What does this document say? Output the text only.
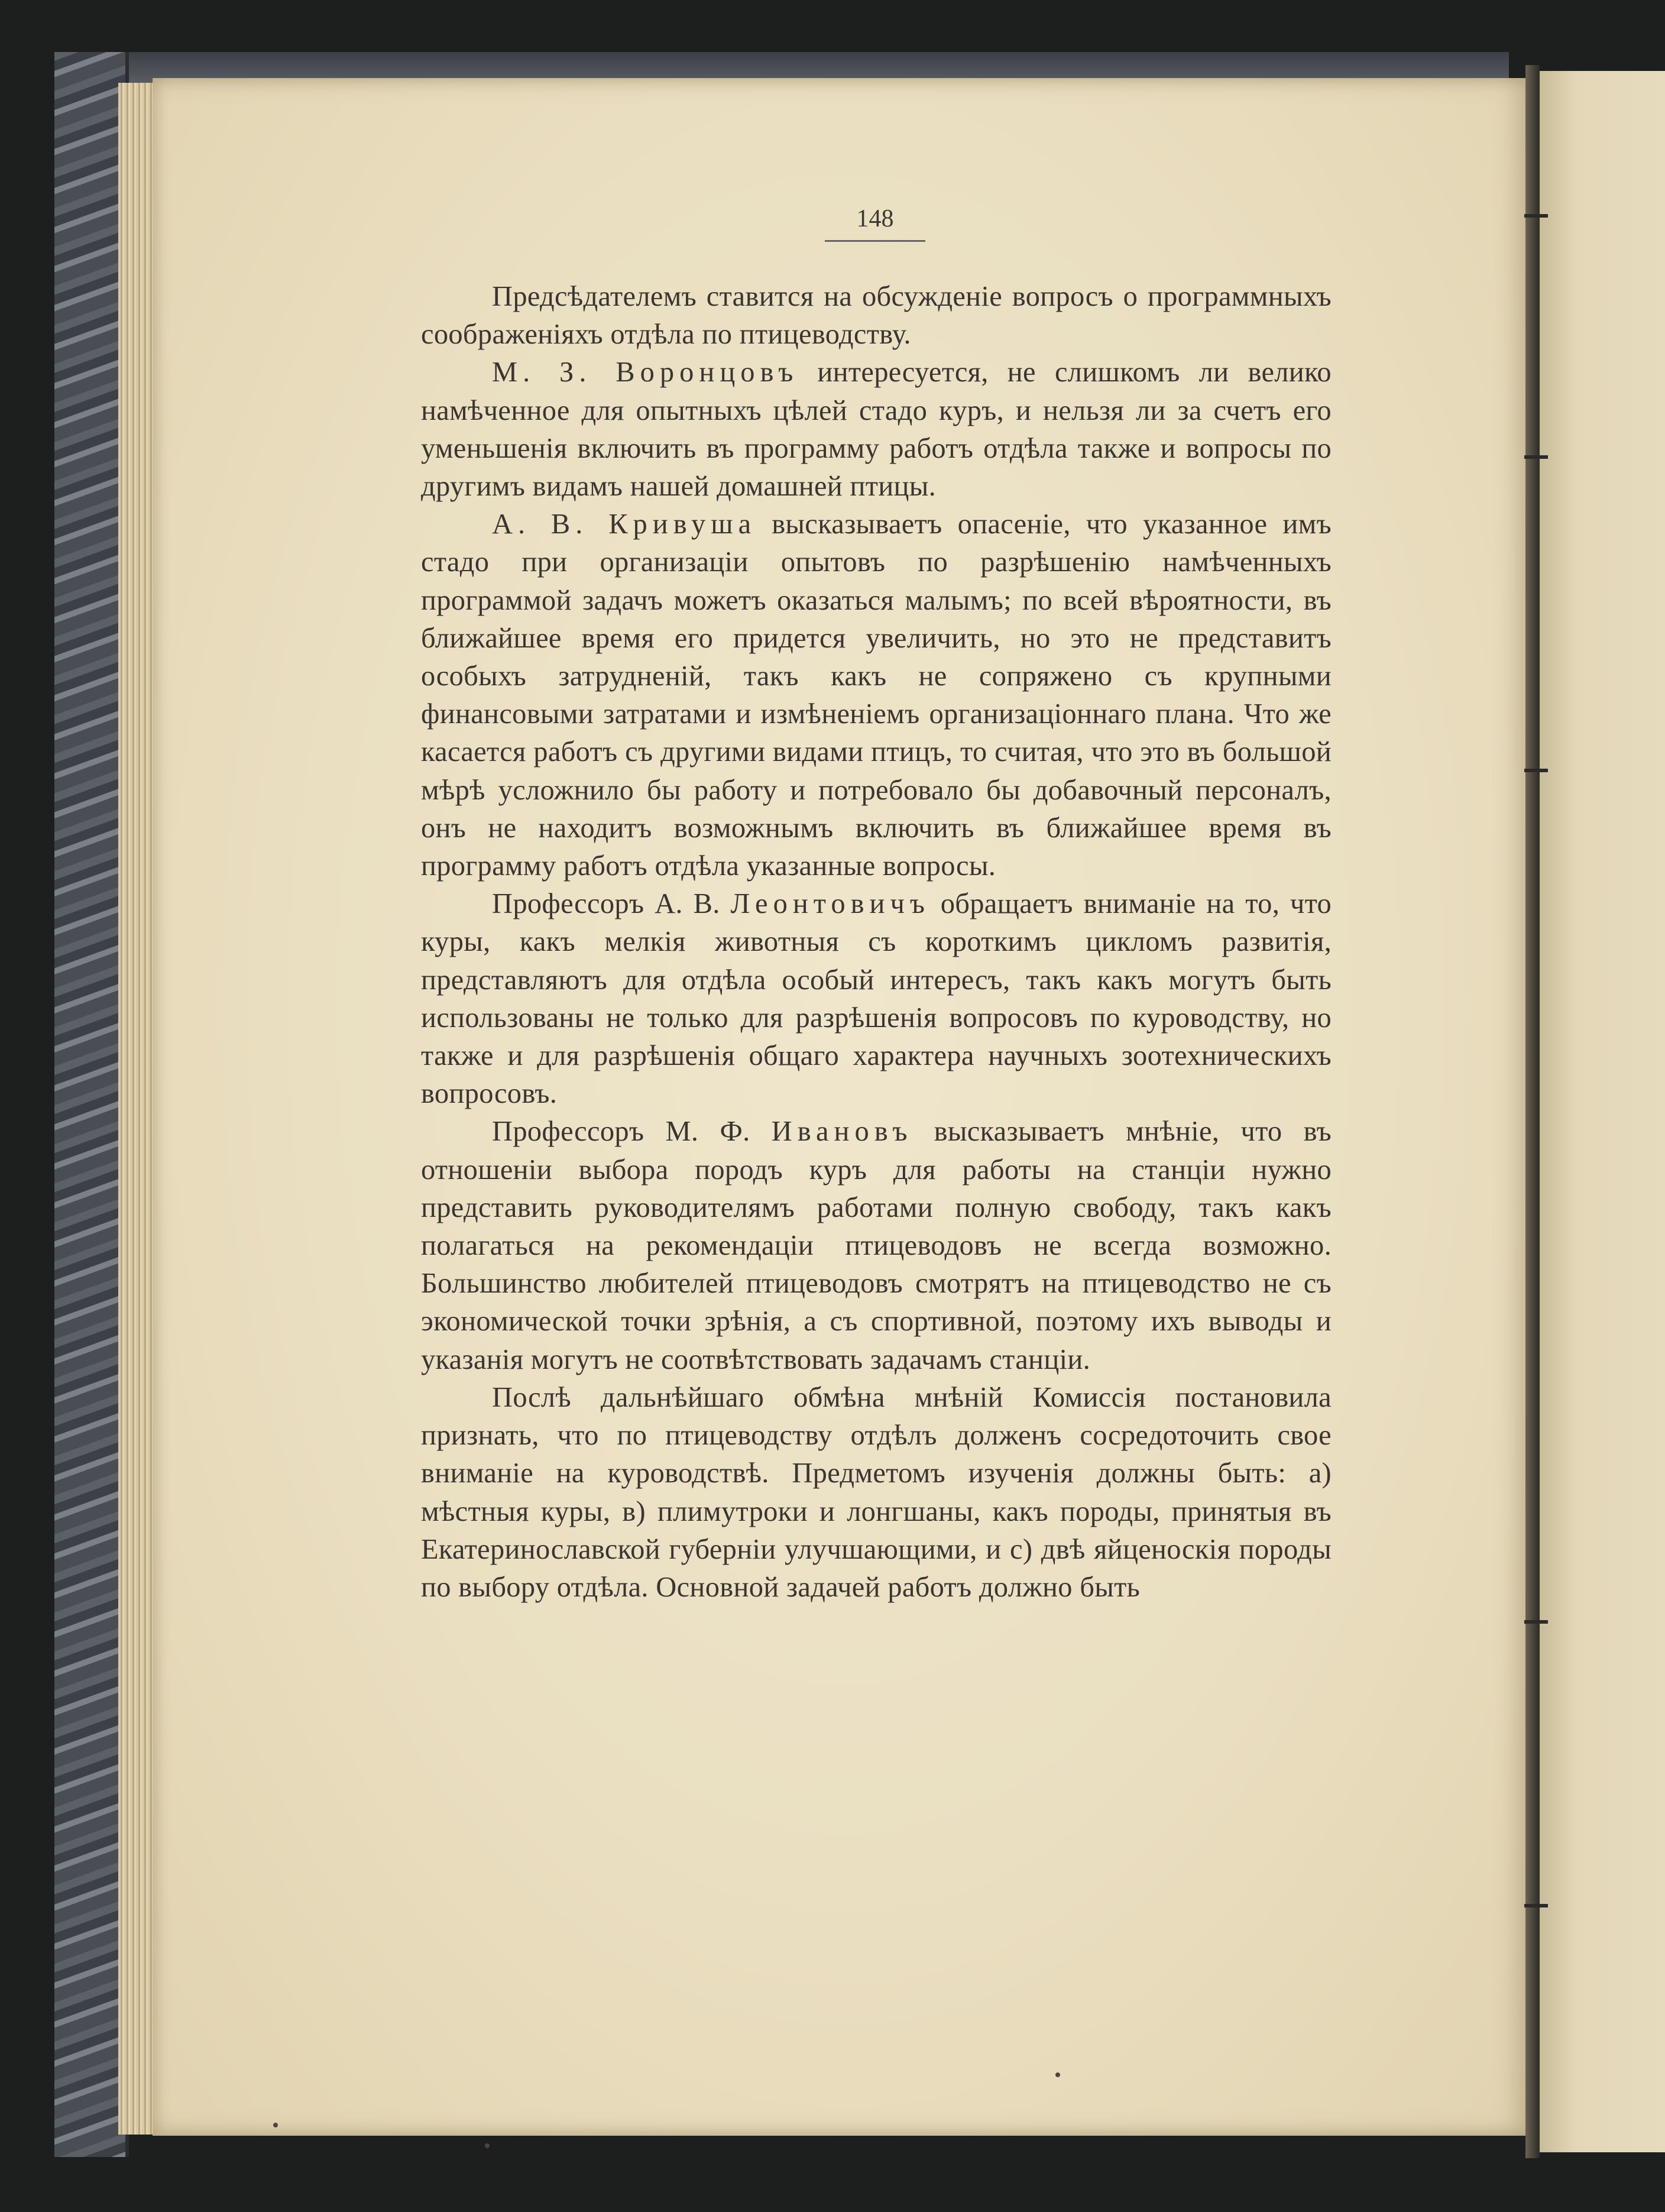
148

Предсѣдателемъ ставится на обсужденіе вопросъ о программныхъ соображеніяхъ отдѣла по птицеводству.

М. З. Воронцовъ интересуется, не слишкомъ ли велико намѣченное для опытныхъ цѣлей стадо куръ, и нельзя ли за счетъ его уменьшенія включить въ программу работъ отдѣла также и вопросы по другимъ видамъ нашей домашней птицы.

А. В. Кривуша высказываетъ опасеніе, что указанное имъ стадо при организаціи опытовъ по разрѣшенію намѣченныхъ программой задачъ можетъ оказаться малымъ; по всей вѣроятности, въ ближайшее время его придется увеличить, но это не представитъ особыхъ затрудненій, такъ какъ не сопряжено съ крупными финансовыми затратами и измѣненіемъ организаціоннаго плана. Что же касается работъ съ другими видами птицъ, то считая, что это въ большой мѣрѣ усложнило бы работу и потребовало бы добавочный персоналъ, онъ не находитъ возможнымъ включить въ ближайшее время въ программу работъ отдѣла указанные вопросы.

Профессоръ А. В. Леонтовичъ обращаетъ вниманіе на то, что куры, какъ мелкія животныя съ короткимъ цикломъ развитія, представляютъ для отдѣла особый интересъ, такъ какъ могутъ быть использованы не только для разрѣшенія вопросовъ по куроводству, но также и для разрѣшенія общаго характера научныхъ зоотехническихъ вопросовъ.

Профессоръ М. Ф. Ивановъ высказываетъ мнѣніе, что въ отношеніи выбора породъ куръ для работы на станціи нужно представить руководителямъ работами полную свободу, такъ какъ полагаться на рекомендаціи птицеводовъ не всегда возможно. Большинство любителей птицеводовъ смотрятъ на птицеводство не съ экономической точки зрѣнія, а съ спортивной, поэтому ихъ выводы и указанія могутъ не соотвѣтствовать задачамъ станціи.

Послѣ дальнѣйшаго обмѣна мнѣній Комиссія постановила признать, что по птицеводству отдѣлъ долженъ сосредоточить свое вниманіе на куроводствѣ. Предметомъ изученія должны быть: а) мѣстныя куры, в) плимутроки и лонгшаны, какъ породы, принятыя въ Екатеринославской губерніи улучшающими, и с) двѣ яйценоскія породы по выбору отдѣла. Основной задачей работъ должно быть
